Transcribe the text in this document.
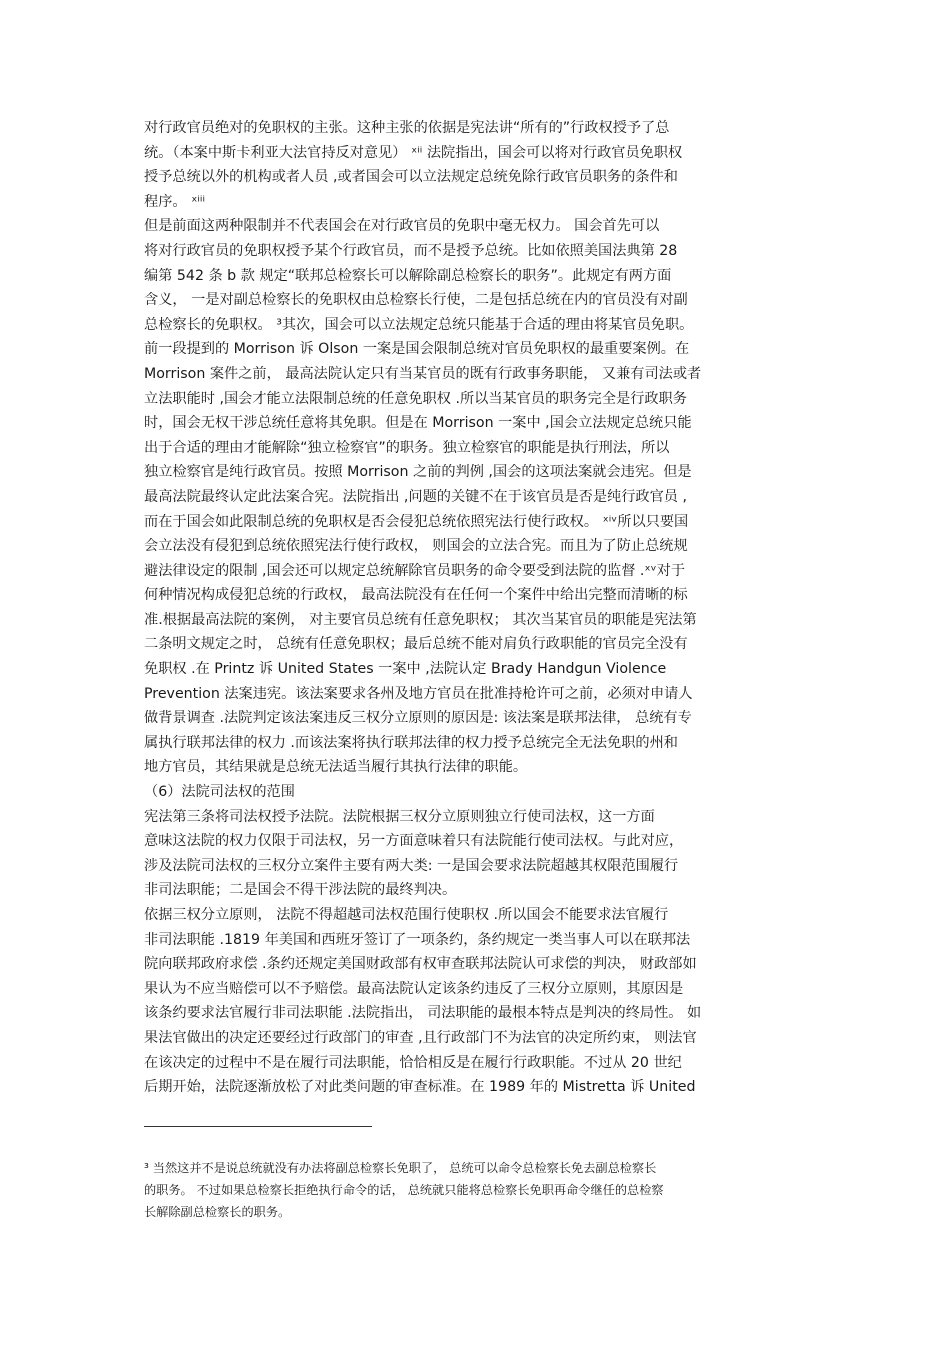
对行政官员绝对的免职权的主张。这种主张的依据是宪法讲“所有的”行政权授予了总
统。（本案中斯卡利亚大法官持反对意见） ˣⁱⁱ 法院指出，国会可以将对行政官员免职权
授予总统以外的机构或者人员 ,或者国会可以立法规定总统免除行政官员职务的条件和
程序。 ˣⁱⁱⁱ
但是前面这两种限制并不代表国会在对行政官员的免职中毫无权力。 国会首先可以
将对行政官员的免职权授予某个行政官员，而不是授予总统。比如依照美国法典第 28
编第 542 条 b 款 规定“联邦总检察长可以解除副总检察长的职务”。此规定有两方面
含义， 一是对副总检察长的免职权由总检察长行使，二是包括总统在内的官员没有对副
总检察长的免职权。 ³其次，国会可以立法规定总统只能基于合适的理由将某官员免职。
前一段提到的 Morrison 诉 Olson 一案是国会限制总统对官员免职权的最重要案例。在
Morrison 案件之前， 最高法院认定只有当某官员的既有行政事务职能， 又兼有司法或者
立法职能时 ,国会才能立法限制总统的任意免职权 .所以当某官员的职务完全是行政职务
时，国会无权干涉总统任意将其免职。但是在 Morrison 一案中 ,国会立法规定总统只能
出于合适的理由才能解除“独立检察官”的职务。独立检察官的职能是执行刑法，所以
独立检察官是纯行政官员。按照 Morrison 之前的判例 ,国会的这项法案就会违宪。但是
最高法院最终认定此法案合宪。法院指出 ,问题的关键不在于该官员是否是纯行政官员 ,
而在于国会如此限制总统的免职权是否会侵犯总统依照宪法行使行政权。 ˣⁱᵛ所以只要国
会立法没有侵犯到总统依照宪法行使行政权， 则国会的立法合宪。而且为了防止总统规
避法律设定的限制 ,国会还可以规定总统解除官员职务的命令要受到法院的监督 .ˣᵛ对于
何种情况构成侵犯总统的行政权， 最高法院没有在任何一个案件中给出完整而清晰的标
准.根据最高法院的案例， 对主要官员总统有任意免职权； 其次当某官员的职能是宪法第
二条明文规定之时， 总统有任意免职权；最后总统不能对肩负行政职能的官员完全没有
免职权 .在 Printz 诉 United States 一案中 ,法院认定 Brady Handgun Violence
Prevention 法案违宪。该法案要求各州及地方官员在批准持枪许可之前，必须对申请人
做背景调查 .法院判定该法案违反三权分立原则的原因是: 该法案是联邦法律， 总统有专
属执行联邦法律的权力 .而该法案将执行联邦法律的权力授予总统完全无法免职的州和
地方官员，其结果就是总统无法适当履行其执行法律的职能。
（6）法院司法权的范围
宪法第三条将司法权授予法院。法院根据三权分立原则独立行使司法权，这一方面
意味这法院的权力仅限于司法权，另一方面意味着只有法院能行使司法权。与此对应，
涉及法院司法权的三权分立案件主要有两大类: 一是国会要求法院超越其权限范围履行
非司法职能；二是国会不得干涉法院的最终判决。
依据三权分立原则， 法院不得超越司法权范围行使职权 .所以国会不能要求法官履行
非司法职能 .1819 年美国和西班牙签订了一项条约，条约规定一类当事人可以在联邦法
院向联邦政府求偿 .条约还规定美国财政部有权审查联邦法院认可求偿的判决， 财政部如
果认为不应当赔偿可以不予赔偿。最高法院认定该条约违反了三权分立原则，其原因是
该条约要求法官履行非司法职能 .法院指出， 司法职能的最根本特点是判决的终局性。 如
果法官做出的决定还要经过行政部门的审查 ,且行政部门不为法官的决定所约束， 则法官
在该决定的过程中不是在履行司法职能，恰恰相反是在履行行政职能。不过从 20 世纪
后期开始，法院逐渐放松了对此类问题的审查标准。在 1989 年的 Mistretta 诉 United
³ 当然这并不是说总统就没有办法将副总检察长免职了， 总统可以命令总检察长免去副总检察长
的职务。 不过如果总检察长拒绝执行命令的话， 总统就只能将总检察长免职再命令继任的总检察
长解除副总检察长的职务。
